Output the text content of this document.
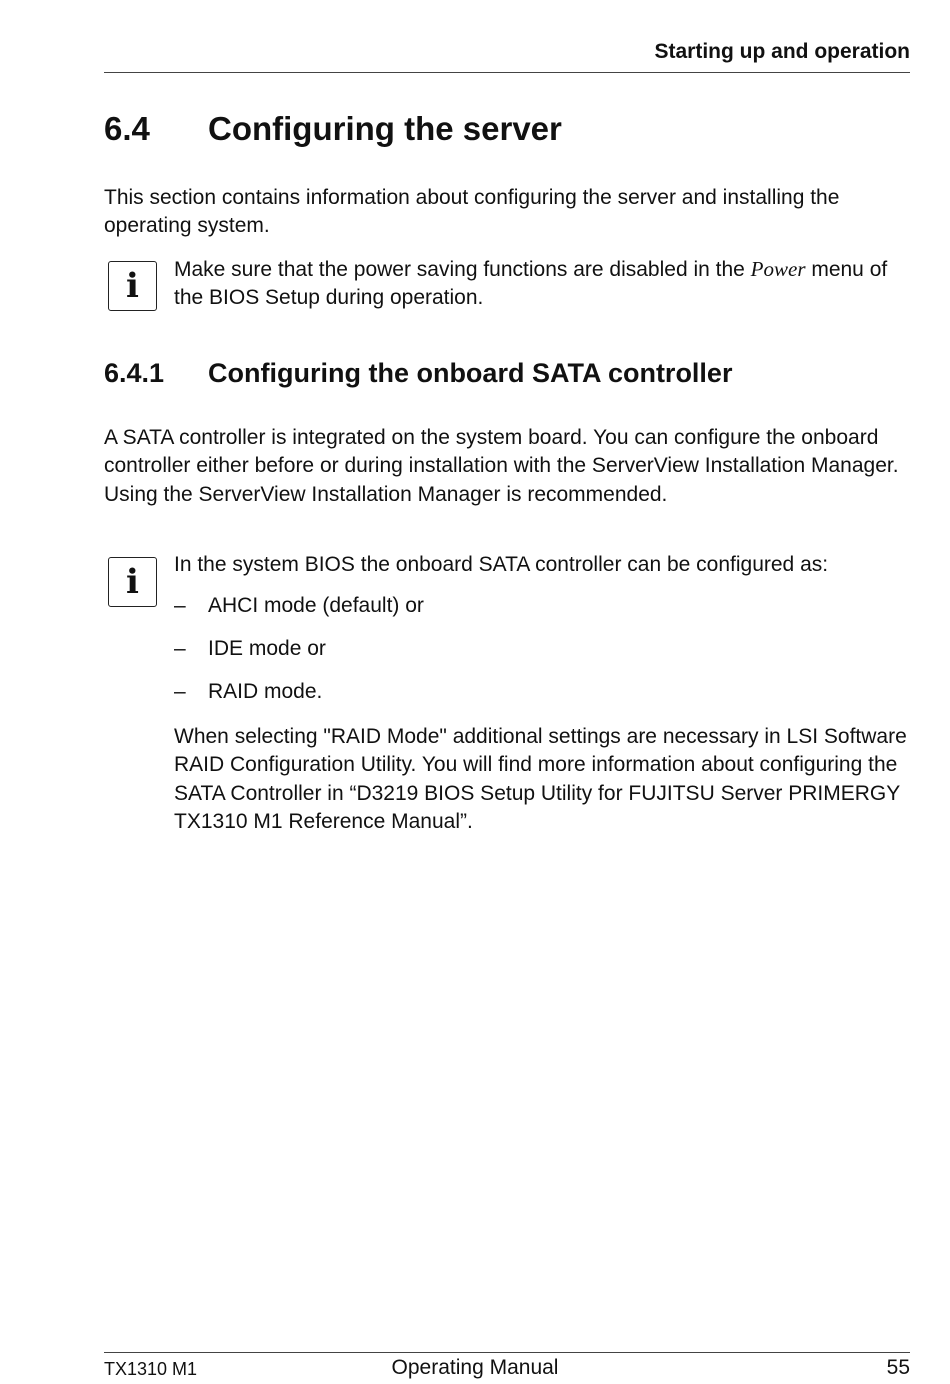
Starting up and operation
6.4 Configuring the server
This section contains information about configuring the server and installing the operating system.
i	Make sure that the power saving functions are disabled in the Power menu of the BIOS Setup during operation.
6.4.1 Configuring the onboard SATA controller
A SATA controller is integrated on the system board. You can configure the onboard controller either before or during installation with the ServerView Installation Manager. Using the ServerView Installation Manager is recommended.
i	In the system BIOS the onboard SATA controller can be configured as:
– AHCI mode (default) or
– IDE mode or
– RAID mode.
When selecting "RAID Mode" additional settings are necessary in LSI Software RAID Configuration Utility. You will find more information about configuring the SATA Controller in “D3219 BIOS Setup Utility for FUJITSU Server PRIMERGY TX1310 M1 Reference Manual”.
TX1310 M1	Operating Manual	55
